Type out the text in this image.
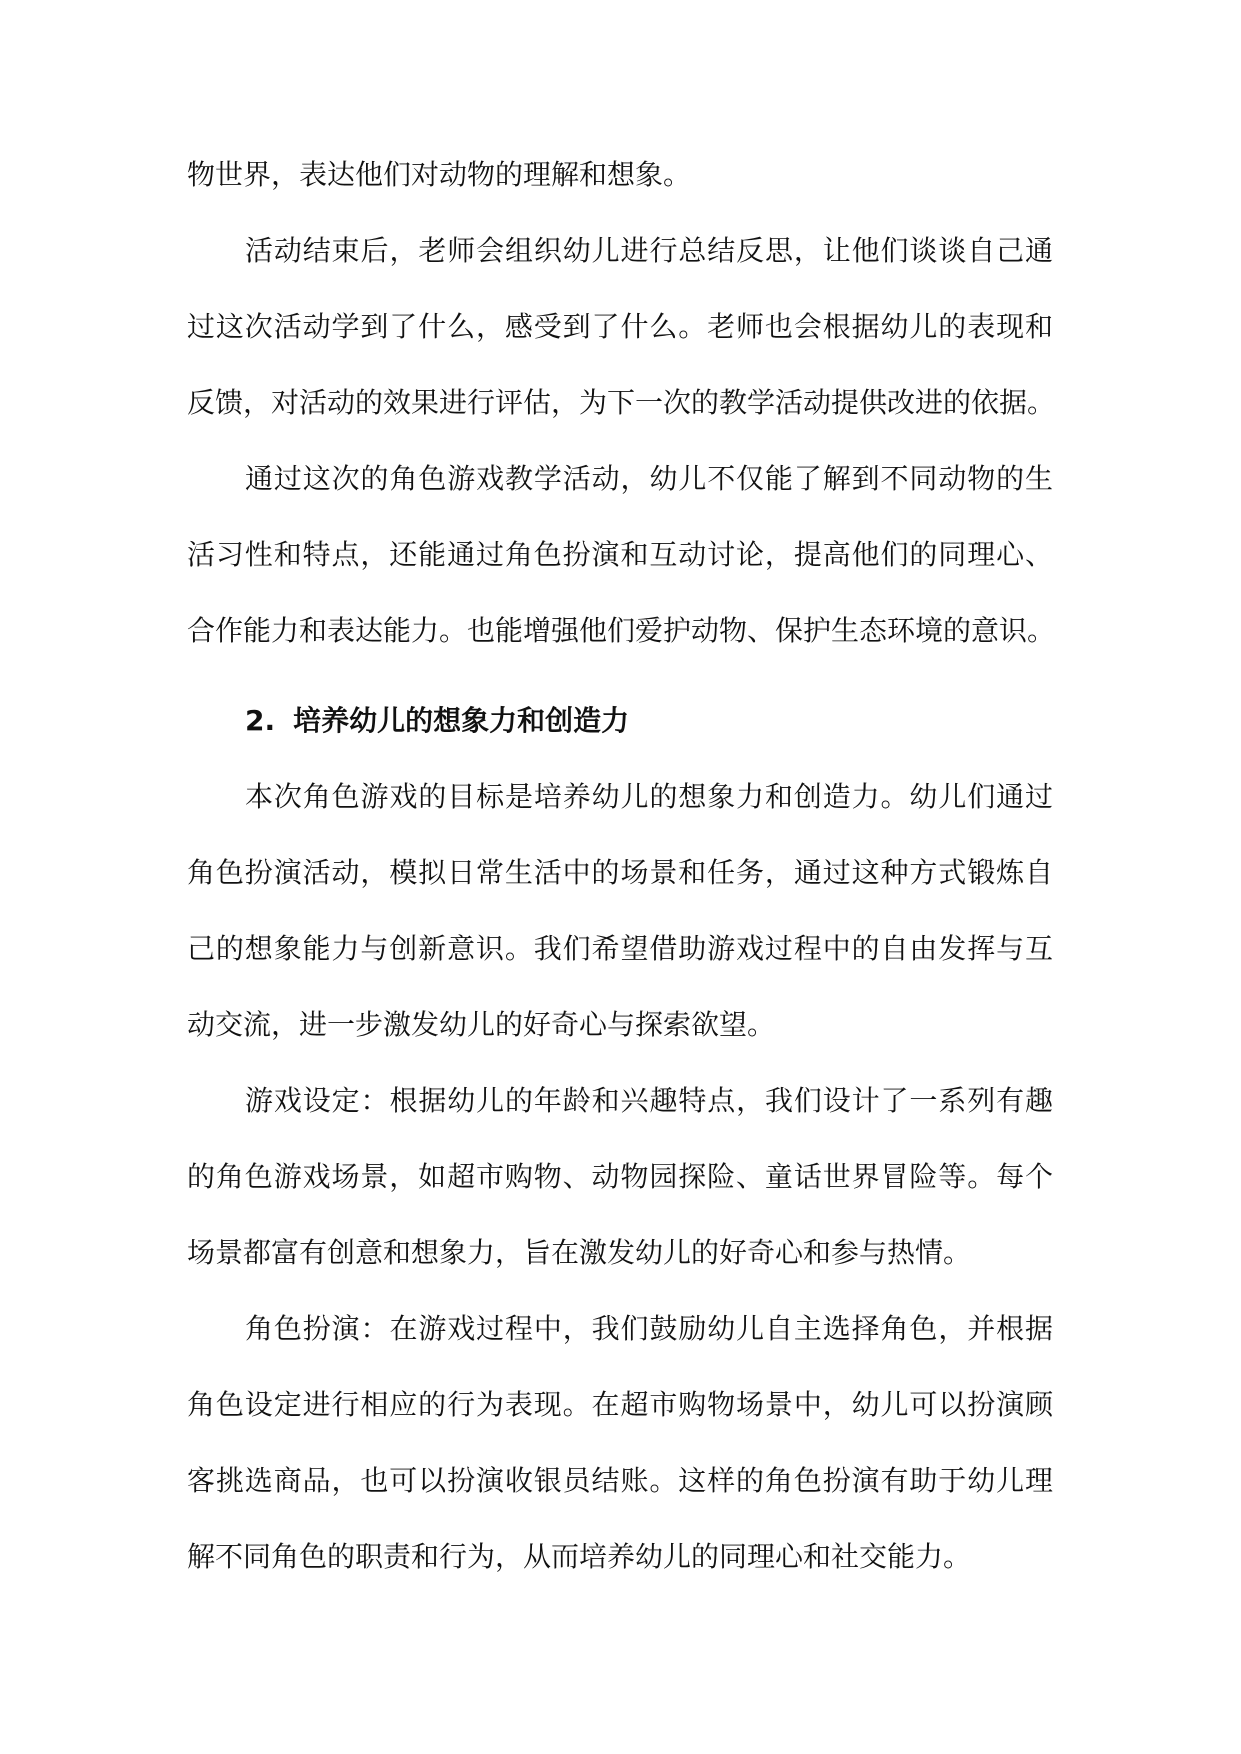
物世界，表达他们对动物的理解和想象。
活动结束后，老师会组织幼儿进行总结反思，让他们谈谈自己通
过这次活动学到了什么，感受到了什么。老师也会根据幼儿的表现和
反馈，对活动的效果进行评估，为下一次的教学活动提供改进的依据。
通过这次的角色游戏教学活动，幼儿不仅能了解到不同动物的生
活习性和特点，还能通过角色扮演和互动讨论，提高他们的同理心、
合作能力和表达能力。也能增强他们爱护动物、保护生态环境的意识。
2. 培养幼儿的想象力和创造力
本次角色游戏的目标是培养幼儿的想象力和创造力。幼儿们通过
角色扮演活动，模拟日常生活中的场景和任务，通过这种方式锻炼自
己的想象能力与创新意识。我们希望借助游戏过程中的自由发挥与互
动交流，进一步激发幼儿的好奇心与探索欲望。
游戏设定：根据幼儿的年龄和兴趣特点，我们设计了一系列有趣
的角色游戏场景，如超市购物、动物园探险、童话世界冒险等。每个
场景都富有创意和想象力，旨在激发幼儿的好奇心和参与热情。
角色扮演：在游戏过程中，我们鼓励幼儿自主选择角色，并根据
角色设定进行相应的行为表现。在超市购物场景中，幼儿可以扮演顾
客挑选商品，也可以扮演收银员结账。这样的角色扮演有助于幼儿理
解不同角色的职责和行为，从而培养幼儿的同理心和社交能力。
